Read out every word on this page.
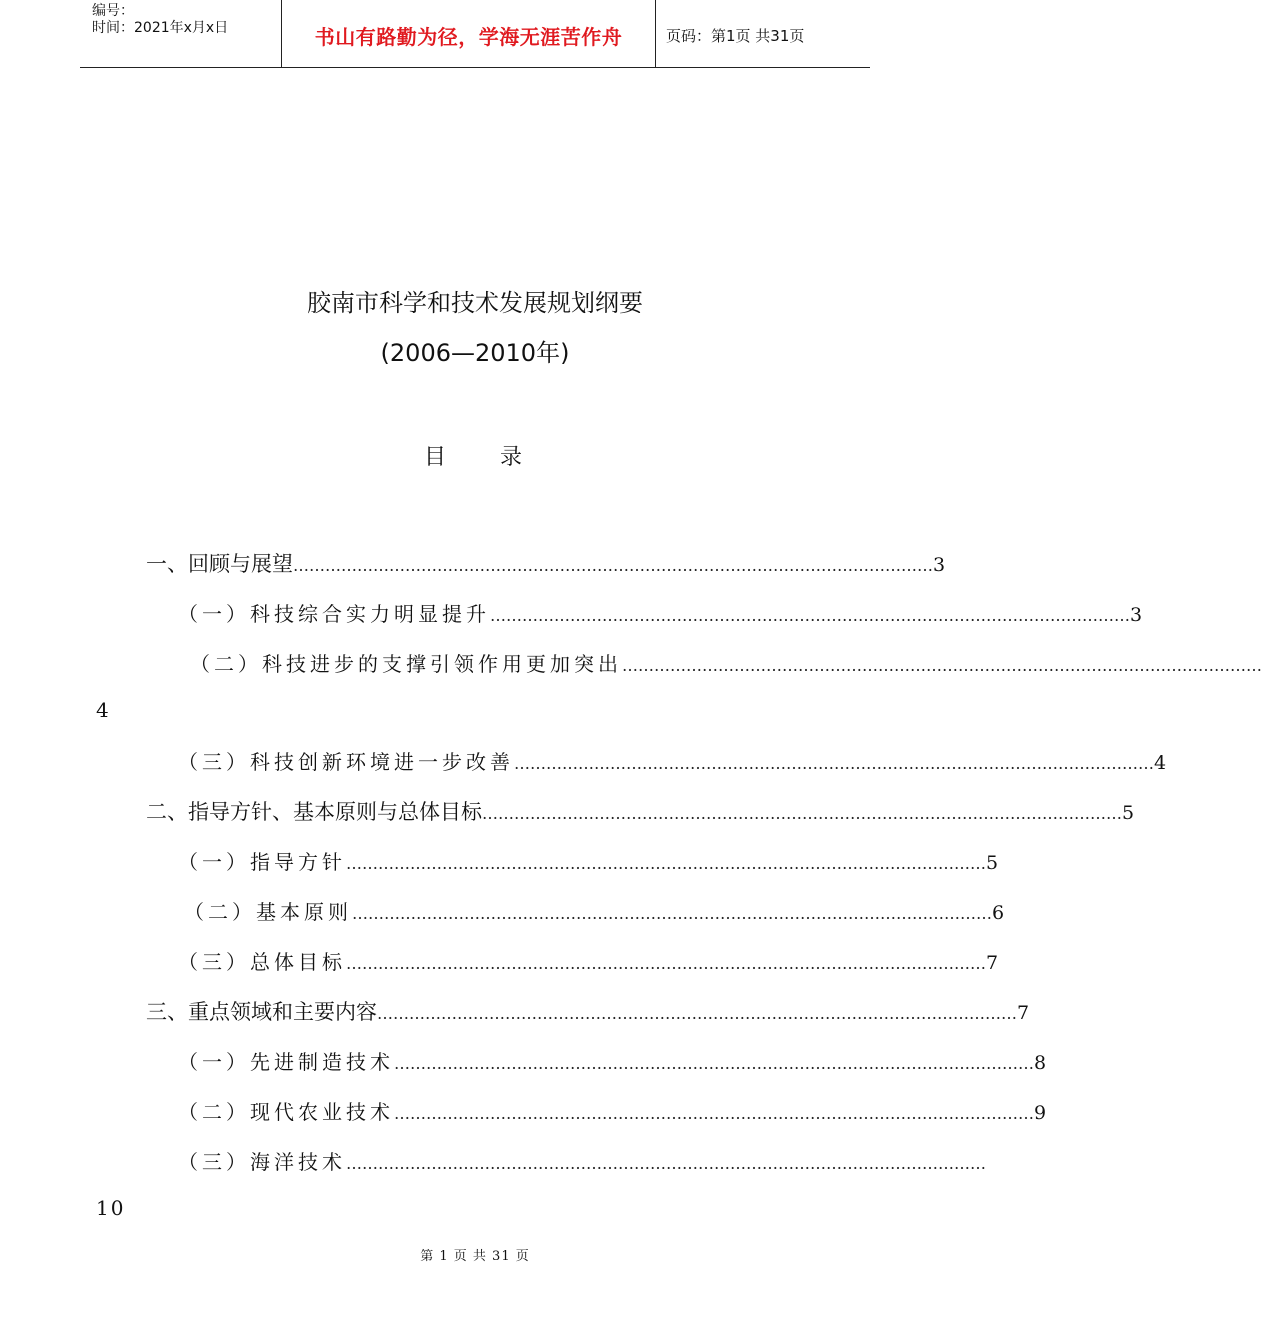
编号：
时间：2021年x月x日	书山有路勤为径，学海无涯苦作舟	页码：第1页 共31页
胶南市科学和技术发展规划纲要
(2006—2010年)
目 录
一、回顾与展望 ………………………………………………………………………………………………………… 3
（一）科技综合实力明显提升 ………………………………………………………………………………………………………… 3
（二）科技进步的支撑引领作用更加突出 …………………………………………………………………………………………………………
4
（三）科技创新环境进一步改善 ………………………………………………………………………………………………………… 4
二、指导方针、基本原则与总体目标 ………………………………………………………………………………………………………… 5
（一）指导方针 ………………………………………………………………………………………………………… 5
（二）基本原则 ………………………………………………………………………………………………………… 6
（三）总体目标 ………………………………………………………………………………………………………… 7
三、重点领域和主要内容 ………………………………………………………………………………………………………… 7
（一）先进制造技术 ………………………………………………………………………………………………………… 8
（二）现代农业技术 ………………………………………………………………………………………………………… 9
（三）海洋技术 …………………………………………………………………………………………………………
10
第 1 页 共 31 页
